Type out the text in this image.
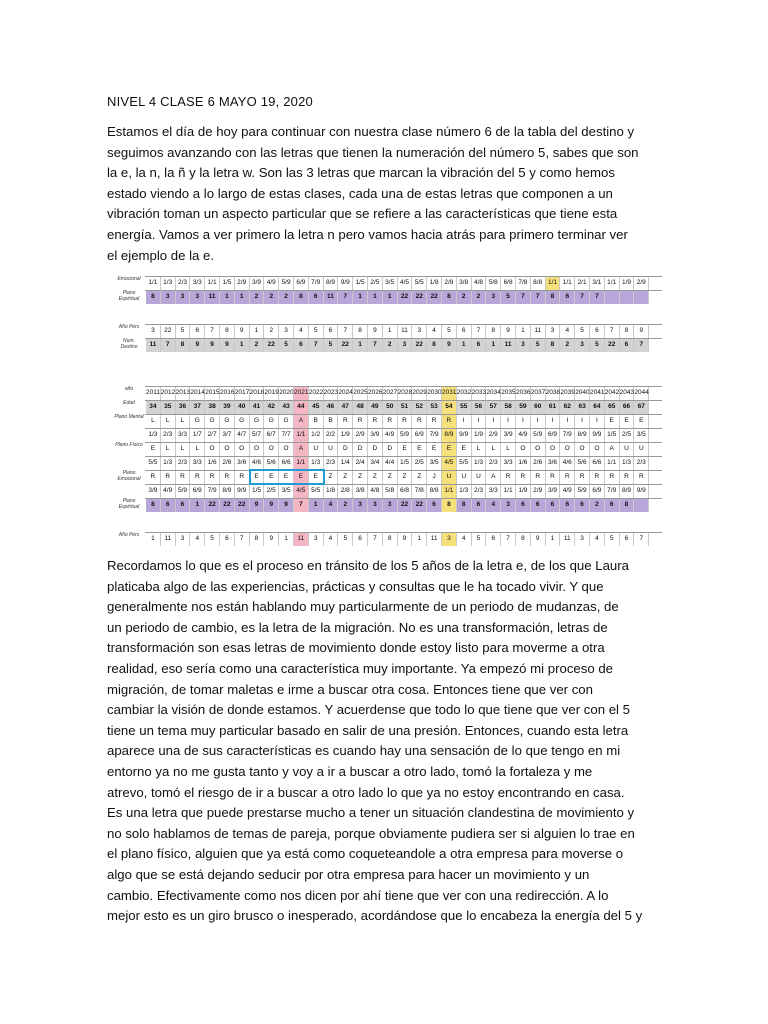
NIVEL 4 CLASE 6 MAYO 19, 2020
Estamos el día de hoy para continuar con nuestra clase número 6 de la tabla del destino y
seguimos avanzando con las letras que tienen la numeración del número 5, sabes que son
la e, la n, la ñ y la letra w. Son las 3 letras que marcan la vibración del 5 y como hemos
estado viendo a lo largo de estas clases, cada una de estas letras que componen a un
vibración toman un aspecto particular que se refiere a las características que tiene esta
energía. Vamos a ver primero la letra n pero vamos hacia atrás para primero terminar ver
el ejemplo de la e.
Emocional	1/1 1/3 2/3 3/3 1/1 1/5 2/9 3/9 4/9 5/9 6/9 7/9 8/9 9/9 1/5 2/5 3/5 4/5 5/5 1/8 2/8 3/8 4/8 5/8 6/8 7/8 8/8 1/1 1/1 2/1 3/1 1/1 1/9 2/9
Plano Espiritual	8	3	3	3	11	1	1	2	2	2	8	6	11	7	1	1	1	22	22	22	8	2	2	3	5	7	7	8	6	7	7
Año Pers	3	22	5	6	7	8	9	1	2	3	4	5	6	7	8	9	1	11	3	4	5	6	7	8	9	1	11	3	4	5	6	7	8	9
Num. Destino	11	7	8	9	9	9	1	2	22	5	6	7	5	22	1	7	2	3	22	8	9	1	6	1	11	3	5	8	2	3	5	22	6	7
año	2011 2012 2013 2014 2015 2016 2017 2018 2019 2020 2021 2022 2023 2024 2025 2026 2027 2028 2029 2030 2031 2032 2033 2034 2035 2036 2037 2038 2039 2040 2041 2042 2043 2044
Edad	34	35	36	37	38	39	40	41	42	43	44	45	46	47	48	49	50	51	52	53	54	55	56	57	58	59	60	61	62	63	64	65	66	67
Plano Mental	L	L	L	G	G	G	G	G	G	G	A	B	B	R	R	R	R	R	R	R	R	I	I	I	I	I	I	I	I	I	I	E	E	E
1/3 2/3 3/3 1/7 2/7 3/7 4/7 5/7 6/7 7/7 1/1 1/2 2/2 1/9 2/9 3/9 4/9 5/9 6/9 7/9 8/9 9/9 1/9 2/9 3/9 4/9 5/9 6/9 7/9 8/9 9/9 1/5 2/5 3/5
Plano Físico	E	L	L	L	O	O	O	O	O	O	A	U	U	D	D	D	D	E	E	E	E	E	L	L	L	O	O	O	O	O	O	A	U	U
5/5 1/3 2/3 3/3 1/6 2/6 3/6 4/6 5/6 6/6 1/1 1/3 2/3 1/4 2/4 3/4 4/4 1/5 2/5 3/5 4/5 5/5 1/3 2/3 3/3 1/6 2/6 3/6 4/6 5/6 6/6 1/1 1/3 2/3
Plano Emocional	R	R	R	R	R	R	R	E	E	E	E	E	Z	Z	Z	Z	Z	Z	Z	J	U	U	U	A	R	R	R	R	R	R	R	R	R	R
3/9 4/9 5/9 6/9 7/9 8/9 9/9 1/5 2/5 3/5 4/5 5/5 1/8 2/8 3/8 4/8 5/8 6/8 7/8 8/8 1/1 1/3 2/3 3/3 1/1 1/9 2/9 3/9 4/9 5/9 6/9 7/9 8/9 9/9
Plano Espiritual	8	6	6	1	22	22	22	9	9	9	7	1	4	2	3	3	3	22	22	6	8	8	6	4	3	6	6	6	6	6	2	6	8
Año Pers	1	11	3	4	5	6	7	8	9	1	11	3	4	5	6	7	8	9	1	11	3	4	5	6	7	8	9	1	11	3	4	5	6	7
Recordamos lo que es el proceso en tránsito de los 5 años de la letra e, de los que Laura
platicaba algo de las experiencias, prácticas y consultas que le ha tocado vivir. Y que
generalmente nos están hablando muy particularmente de un periodo de mudanzas, de
un periodo de cambio, es la letra de la migración. No es una transformación, letras de
transformación son esas letras de movimiento donde estoy listo para moverme a otra
realidad, eso sería como una característica muy importante. Ya empezó mi proceso de
migración, de tomar maletas e irme a buscar otra cosa. Entonces tiene que ver con
cambiar la visión de donde estamos. Y acuerdense que todo lo que tiene que ver con el 5
tiene un tema muy particular basado en salir de una presión. Entonces, cuando esta letra
aparece una de sus características es cuando hay una sensación de lo que tengo en mi
entorno ya no me gusta tanto y voy a ir a buscar a otro lado, tomó la fortaleza y me
atrevo, tomó el riesgo de ir a buscar a otro lado lo que ya no estoy encontrando en casa.
Es una letra que puede prestarse mucho a tener un situación clandestina de movimiento y
no solo hablamos de temas de pareja, porque obviamente pudiera ser si alguien lo trae en
el plano físico, alguien que ya está como coqueteandole a otra empresa para moverse o
algo que se está dejando seducir por otra empresa para hacer un movimiento y un
cambio. Efectivamente como nos dicen por ahí tiene que ver con una redirección. A lo
mejor esto es un giro brusco o inesperado, acordándose que lo encabeza la energía del 5 y
